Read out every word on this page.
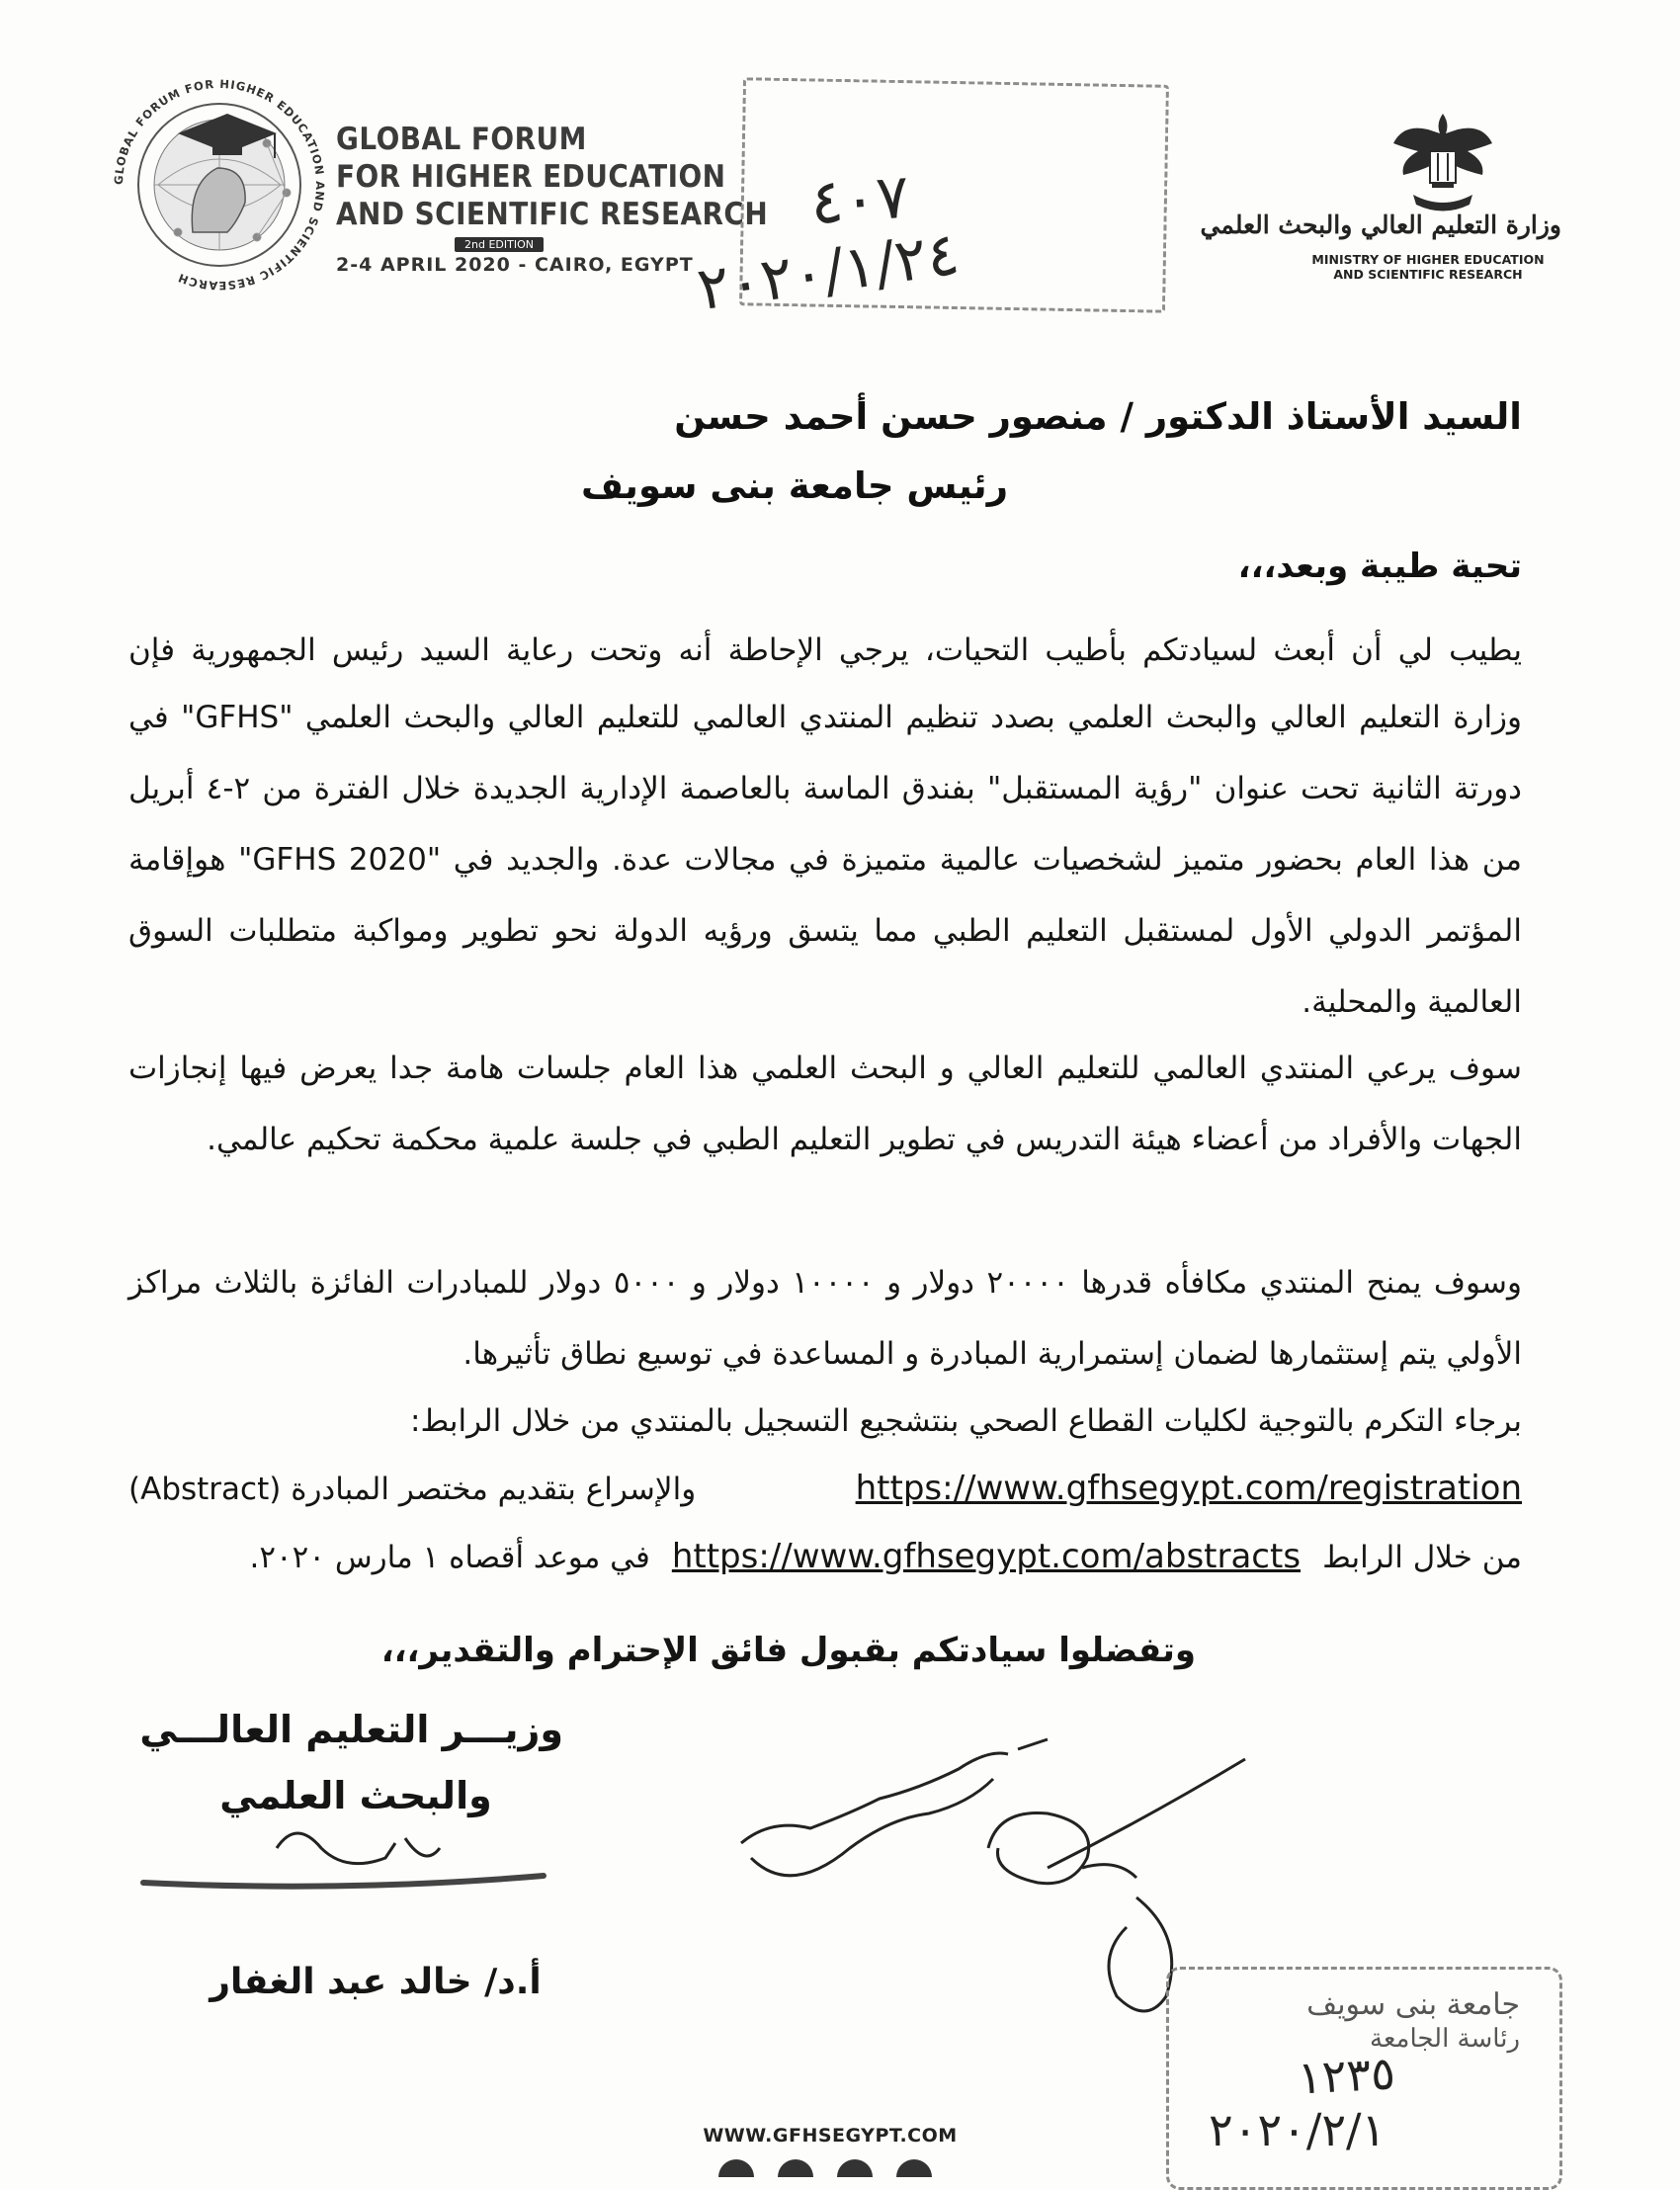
GLOBAL FORUM FOR HIGHER EDUCATION AND SCIENTIFIC RESEARCH
GLOBAL FORUM
FOR HIGHER EDUCATION
AND SCIENTIFIC RESEARCH
2nd EDITION
2-4 APRIL 2020 - CAIRO, EGYPT
​
٤٠٧
٢٠٢٠/١/٢٤	وزارة التعليم العالي والبحث العلمي
MINISTRY OF HIGHER EDUCATION
AND SCIENTIFIC RESEARCH
السيد الأستاذ الدكتور / منصور حسن أحمد حسن
رئيس جامعة بنى سويف
تحية طيبة وبعد،،،
يطيب لي أن أبعث لسيادتكم بأطيب التحيات، يرجي الإحاطة أنه وتحت رعاية السيد رئيس الجمهورية فإن
وزارة التعليم العالي والبحث العلمي بصدد تنظيم المنتدي العالمي للتعليم العالي والبحث العلمي "GFHS" في دورتة الثانية تحت عنوان "رؤية المستقبل" بفندق الماسة بالعاصمة الإدارية الجديدة خلال الفترة من ٢-٤ أبريل من هذا العام بحضور متميز لشخصيات عالمية متميزة في مجالات عدة. والجديد في "GFHS 2020" هوإقامة المؤتمر الدولي الأول لمستقبل التعليم الطبي مما يتسق ورؤيه الدولة نحو تطوير ومواكبة متطلبات السوق العالمية والمحلية.
سوف يرعي المنتدي العالمي للتعليم العالي و البحث العلمي هذا العام جلسات هامة جدا يعرض فيها إنجازات الجهات والأفراد من أعضاء هيئة التدريس في تطوير التعليم الطبي في جلسة علمية محكمة تحكيم عالمي.
وسوف يمنح المنتدي مكافأه قدرها ٢٠٠٠٠ دولار و ١٠٠٠٠ دولار و ٥٠٠٠ دولار للمبادرات الفائزة بالثلاث مراكز الأولي يتم إستثمارها لضمان إستمرارية المبادرة و المساعدة في توسيع نطاق تأثيرها.
برجاء التكرم بالتوجية لكليات القطاع الصحي بنتشجيع التسجيل بالمنتدي من خلال الرابط:
https://www.gfhsegypt.com/registration
والإسراع بتقديم مختصر المبادرة (Abstract)
من خلال الرابط
https://www.gfhsegypt.com/abstracts
في موعد أقصاه ١ مارس ٢٠٢٠.
وتفضلوا سيادتكم بقبول فائق الإحترام والتقدير،،،
وزيـــر التعليم العالـــي
والبحث العلمي
أ.د/ خالد عبد الغفار
جامعة بنى سويف
رئاسة الجامعة
١٢٣٥
٢٠٢٠/٢/١
WWW.GFHSEGYPT.COM
